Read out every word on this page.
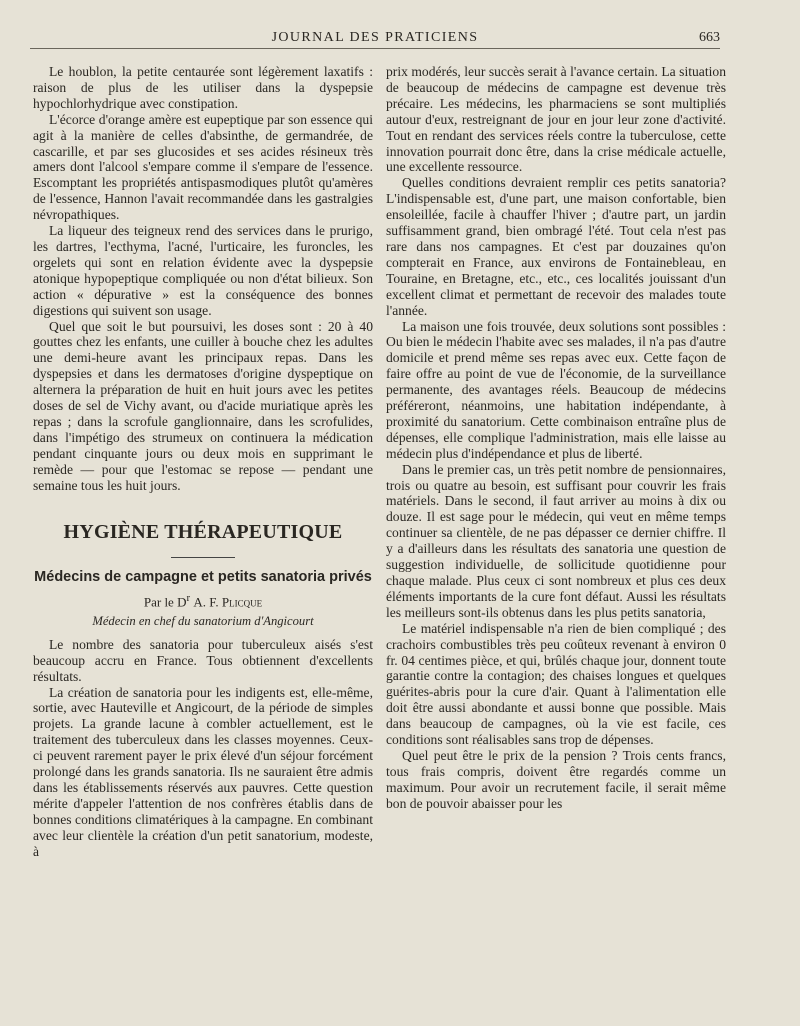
JOURNAL DES PRATICIENS	663

Le houblon, la petite centaurée sont légèrement laxatifs : raison de plus de les utiliser dans la dyspepsie hypochlorhydrique avec constipation.

L'écorce d'orange amère est eupeptique par son essence qui agit à la manière de celles d'absinthe, de germandrée, de cascarille, et par ses glucosides et ses acides résineux très amers dont l'alcool s'empare comme il s'empare de l'essence. Escomptant les propriétés antispasmodiques plutôt qu'amères de l'essence, Hannon l'avait recommandée dans les gastralgies névropathiques.

La liqueur des teigneux rend des services dans le prurigo, les dartres, l'ecthyma, l'acné, l'urticaire, les furoncles, les orgelets qui sont en relation évidente avec la dyspepsie atonique hypopeptique compliquée ou non d'état bilieux. Son action « dépurative » est la conséquence des bonnes digestions qui suivent son usage.

Quel que soit le but poursuivi, les doses sont : 20 à 40 gouttes chez les enfants, une cuiller à bouche chez les adultes une demi-heure avant les principaux repas. Dans les dyspepsies et dans les dermatoses d'origine dyspeptique on alternera la préparation de huit en huit jours avec les petites doses de sel de Vichy avant, ou d'acide muriatique après les repas ; dans la scrofule ganglionnaire, dans les scrofulides, dans l'impétigo des strumeux on continuera la médication pendant cinquante jours ou deux mois en supprimant le remède — pour que l'estomac se repose — pendant une semaine tous les huit jours.

HYGIÈNE THÉRAPEUTIQUE
Médecins de campagne et petits sanatoria privés
Par le $D^r$ A. F. Plicque
Médecin en chef du sanatorium d'Angicourt

Le nombre des sanatoria pour tuberculeux aisés s'est beaucoup accru en France. Tous obtiennent d'excellents résultats.

La création de sanatoria pour les indigents est, elle-même, sortie, avec Hauteville et Angicourt, de la période de simples projets. La grande lacune à combler actuellement, est le traitement des tuberculeux dans les classes moyennes. Ceux-ci peuvent rarement payer le prix élevé d'un séjour forcément prolongé dans les grands sanatoria. Ils ne sauraient être admis dans les établissements réservés aux pauvres. Cette question mérite d'appeler l'attention de nos confrères établis dans de bonnes conditions climatériques à la campagne. En combinant avec leur clientèle la création d'un petit sanatorium, modeste, à

prix modérés, leur succès serait à l'avance certain. La situation de beaucoup de médecins de campagne est devenue très précaire. Les médecins, les pharmaciens se sont multipliés autour d'eux, restreignant de jour en jour leur zone d'activité. Tout en rendant des services réels contre la tuberculose, cette innovation pourrait donc être, dans la crise médicale actuelle, une excellente ressource.

Quelles conditions devraient remplir ces petits sanatoria? L'indispensable est, d'une part, une maison confortable, bien ensoleillée, facile à chauffer l'hiver ; d'autre part, un jardin suffisamment grand, bien ombragé l'été. Tout cela n'est pas rare dans nos campagnes. Et c'est par douzaines qu'on compterait en France, aux environs de Fontainebleau, en Touraine, en Bretagne, etc., etc., ces localités jouissant d'un excellent climat et permettant de recevoir des malades toute l'année.

La maison une fois trouvée, deux solutions sont possibles : Ou bien le médecin l'habite avec ses malades, il n'a pas d'autre domicile et prend même ses repas avec eux. Cette façon de faire offre au point de vue de l'économie, de la surveillance permanente, des avantages réels. Beaucoup de médecins préféreront, néanmoins, une habitation indépendante, à proximité du sanatorium. Cette combinaison entraîne plus de dépenses, elle complique l'administration, mais elle laisse au médecin plus d'indépendance et plus de liberté.

Dans le premier cas, un très petit nombre de pensionnaires, trois ou quatre au besoin, est suffisant pour couvrir les frais matériels. Dans le second, il faut arriver au moins à dix ou douze. Il est sage pour le médecin, qui veut en même temps continuer sa clientèle, de ne pas dépasser ce dernier chiffre. Il y a d'ailleurs dans les résultats des sanatoria une question de suggestion individuelle, de sollicitude quotidienne pour chaque malade. Plus ceux ci sont nombreux et plus ces deux éléments importants de la cure font défaut. Aussi les résultats les meilleurs sont-ils obtenus dans les plus petits sanatoria,

Le matériel indispensable n'a rien de bien compliqué ; des crachoirs combustibles très peu coûteux revenant à environ 0 fr. 04 centimes pièce, et qui, brûlés chaque jour, donnent toute garantie contre la contagion; des chaises longues et quelques guérites-abris pour la cure d'air. Quant à l'alimentation elle doit être aussi abondante et aussi bonne que possible. Mais dans beaucoup de campagnes, où la vie est facile, ces conditions sont réalisables sans trop de dépenses.

Quel peut être le prix de la pension ? Trois cents francs, tous frais compris, doivent être regardés comme un maximum. Pour avoir un recrutement facile, il serait même bon de pouvoir abaisser pour les
